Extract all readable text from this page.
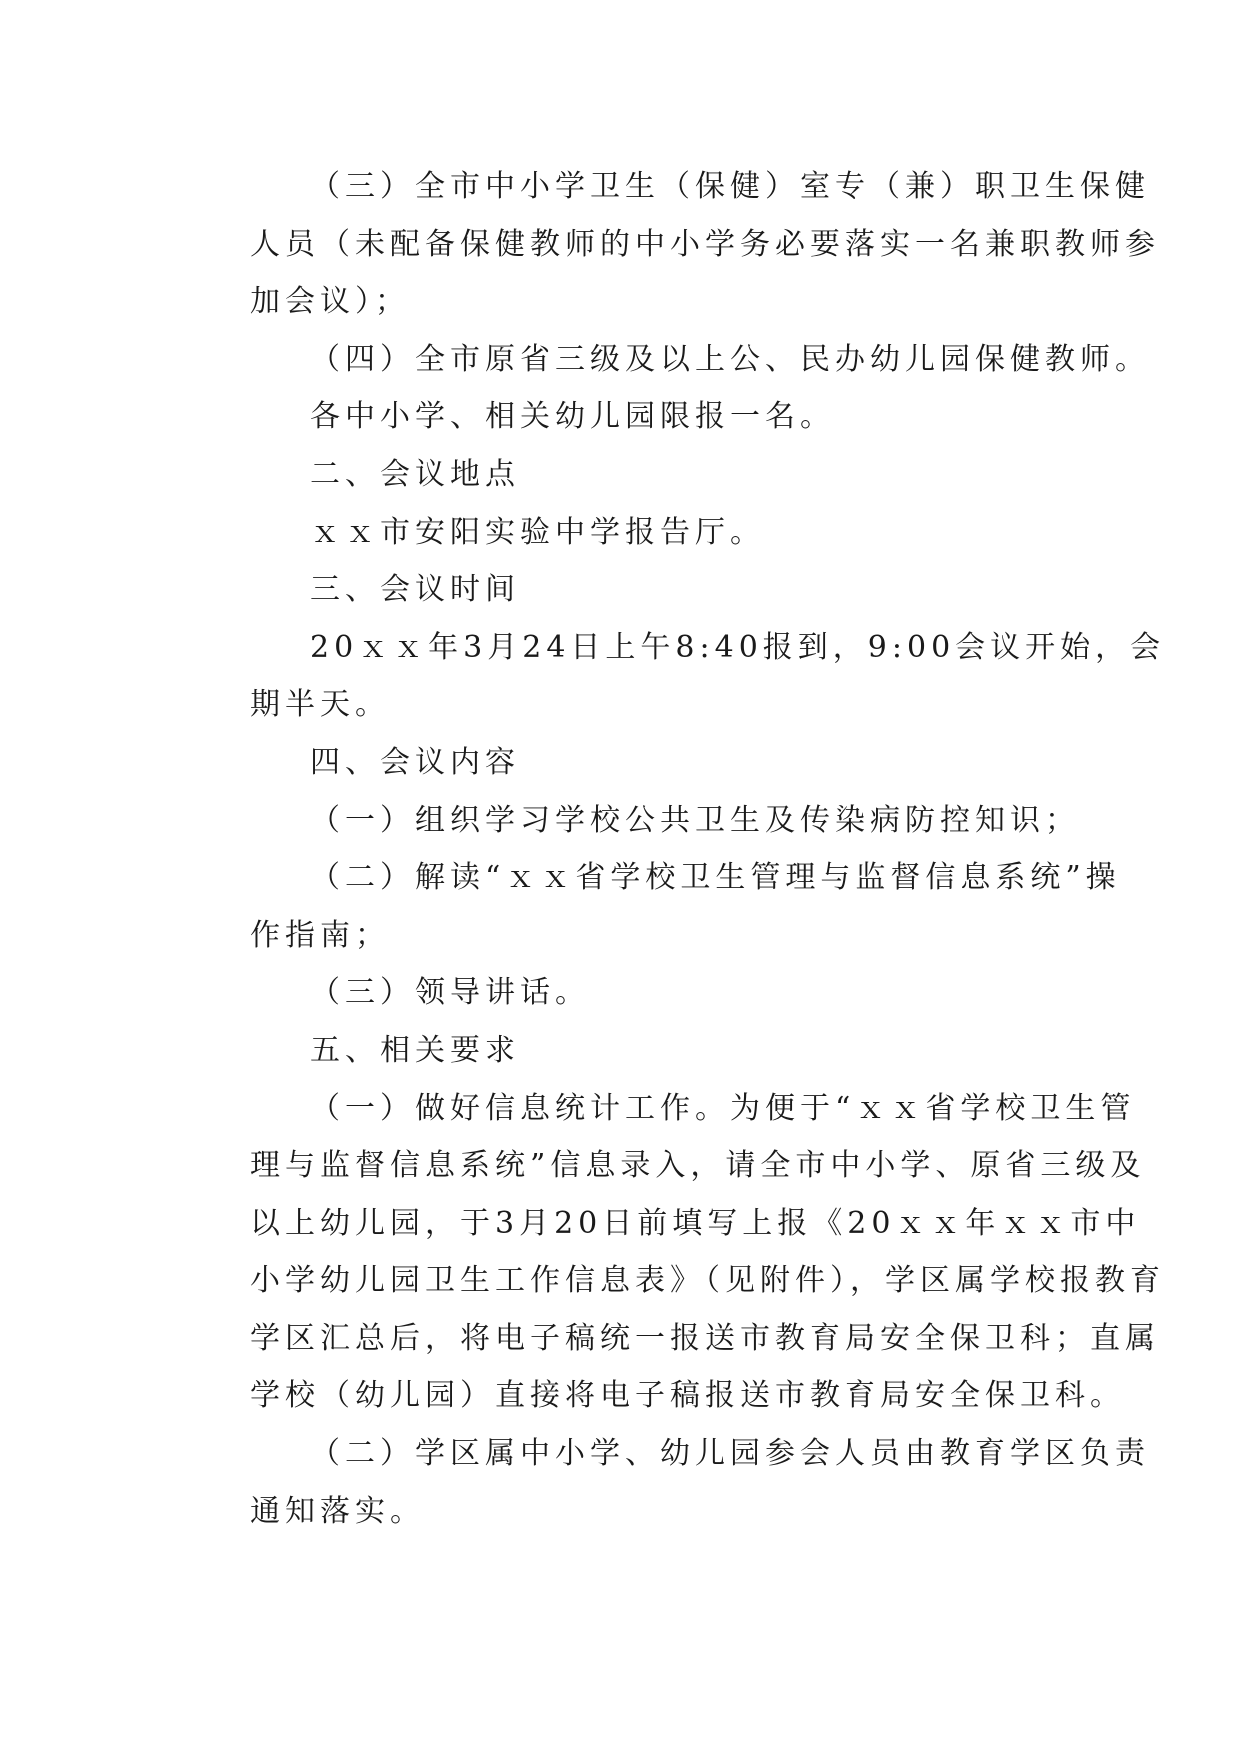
（三）全市中小学卫生（保健）室专（兼）职卫生保健
人员（未配备保健教师的中小学务必要落实一名兼职教师参
加会议）；

（四）全市原省三级及以上公、民办幼儿园保健教师。

各中小学、相关幼儿园限报一名。

二、会议地点

ｘｘ市安阳实验中学报告厅。

三、会议时间

20ｘｘ年3月24日上午8:40报到，9:00会议开始，会
期半天。

四、会议内容

（一）组织学习学校公共卫生及传染病防控知识；

（二）解读“ｘｘ省学校卫生管理与监督信息系统”操
作指南；

（三）领导讲话。

五、相关要求

（一）做好信息统计工作。为便于“ｘｘ省学校卫生管
理与监督信息系统”信息录入，请全市中小学、原省三级及
以上幼儿园，于3月20日前填写上报《20ｘｘ年ｘｘ市中
小学幼儿园卫生工作信息表》（见附件），学区属学校报教育
学区汇总后，将电子稿统一报送市教育局安全保卫科；直属
学校（幼儿园）直接将电子稿报送市教育局安全保卫科。

（二）学区属中小学、幼儿园参会人员由教育学区负责
通知落实。
